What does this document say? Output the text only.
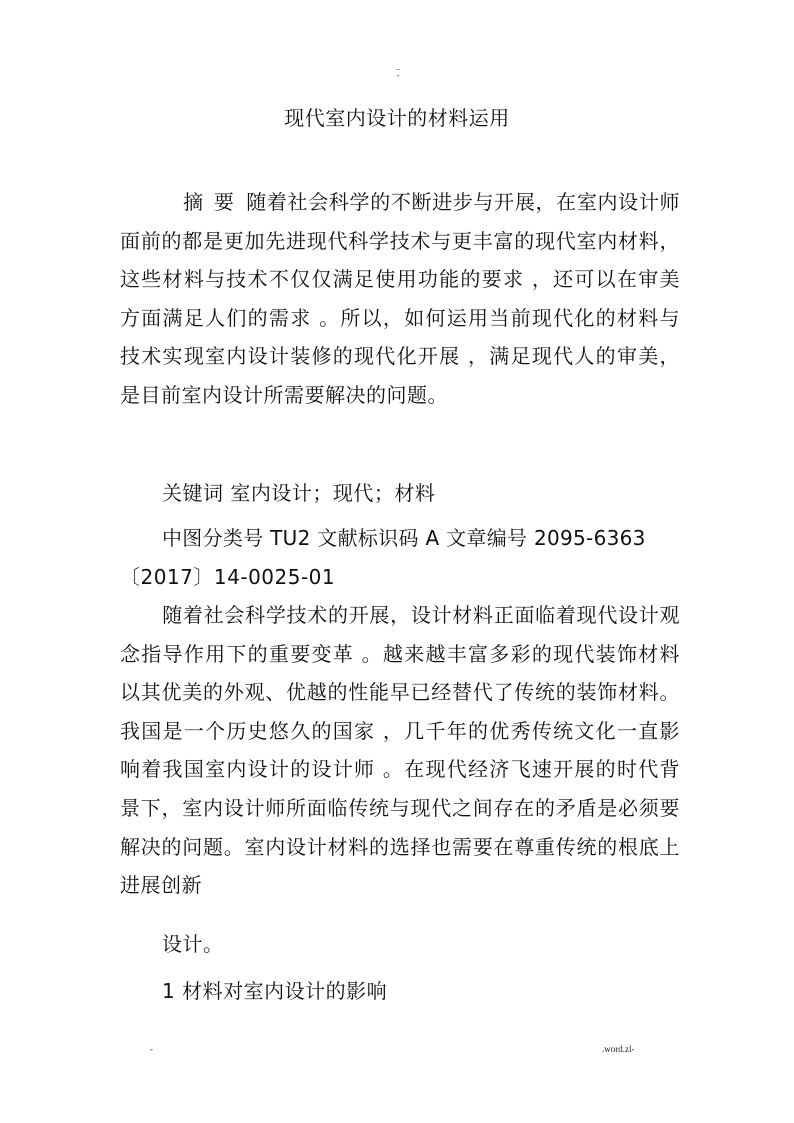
..
-
现代室内设计的材料运用
摘 要 随着社会科学的不断进步与开展，在室内设计师面前的都是更加先进现代科学技术与更丰富的现代室内材料，这些材料与技术不仅仅满足使用功能的要求 ，还可以在审美方面满足人们的需求 。所以，如何运用当前现代化的材料与技术实现室内设计装修的现代化开展 ，满足现代人的审美，是目前室内设计所需要解决的问题。
关键词 室内设计；现代；材料
中图分类号 TU2 文献标识码 A 文章编号 2095-6363
〔2017〕14-0025-01
随着社会科学技术的开展，设计材料正面临着现代设计观念指导作用下的重要变革 。越来越丰富多彩的现代装饰材料以其优美的外观、优越的性能早已经替代了传统的装饰材料。我国是一个历史悠久的国家 ，几千年的优秀传统文化一直影响着我国室内设计的设计师 。在现代经济飞速开展的时代背景下，室内设计师所面临传统与现代之间存在的矛盾是必须要解决的问题。室内设计材料的选择也需要在尊重传统的根底上进展创新
设计。
1 材料对室内设计的影响
-	.word.zl-
